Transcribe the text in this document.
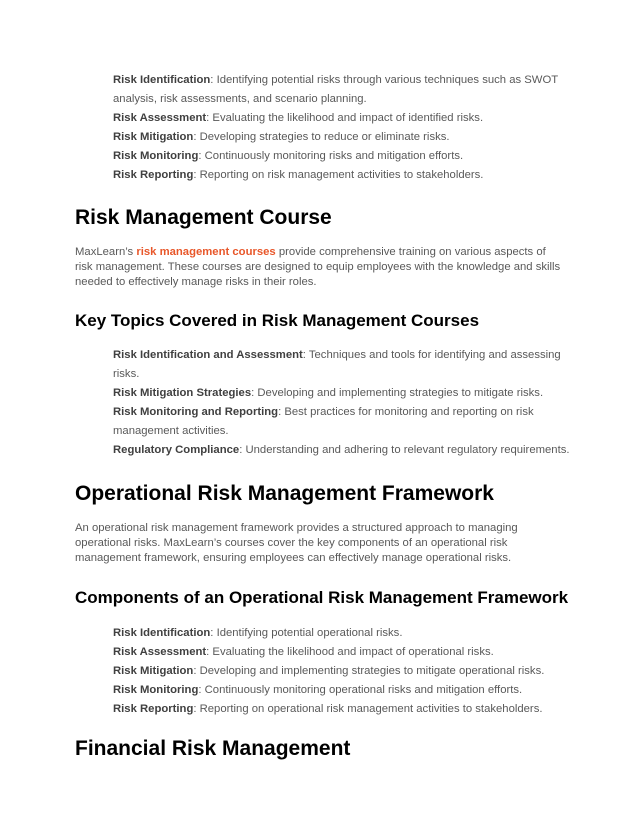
Risk Identification: Identifying potential risks through various techniques such as SWOT analysis, risk assessments, and scenario planning.
Risk Assessment: Evaluating the likelihood and impact of identified risks.
Risk Mitigation: Developing strategies to reduce or eliminate risks.
Risk Monitoring: Continuously monitoring risks and mitigation efforts.
Risk Reporting: Reporting on risk management activities to stakeholders.
Risk Management Course
MaxLearn’s risk management courses provide comprehensive training on various aspects of risk management. These courses are designed to equip employees with the knowledge and skills needed to effectively manage risks in their roles.
Key Topics Covered in Risk Management Courses
Risk Identification and Assessment: Techniques and tools for identifying and assessing risks.
Risk Mitigation Strategies: Developing and implementing strategies to mitigate risks.
Risk Monitoring and Reporting: Best practices for monitoring and reporting on risk management activities.
Regulatory Compliance: Understanding and adhering to relevant regulatory requirements.
Operational Risk Management Framework
An operational risk management framework provides a structured approach to managing operational risks. MaxLearn’s courses cover the key components of an operational risk management framework, ensuring employees can effectively manage operational risks.
Components of an Operational Risk Management Framework
Risk Identification: Identifying potential operational risks.
Risk Assessment: Evaluating the likelihood and impact of operational risks.
Risk Mitigation: Developing and implementing strategies to mitigate operational risks.
Risk Monitoring: Continuously monitoring operational risks and mitigation efforts.
Risk Reporting: Reporting on operational risk management activities to stakeholders.
Financial Risk Management
